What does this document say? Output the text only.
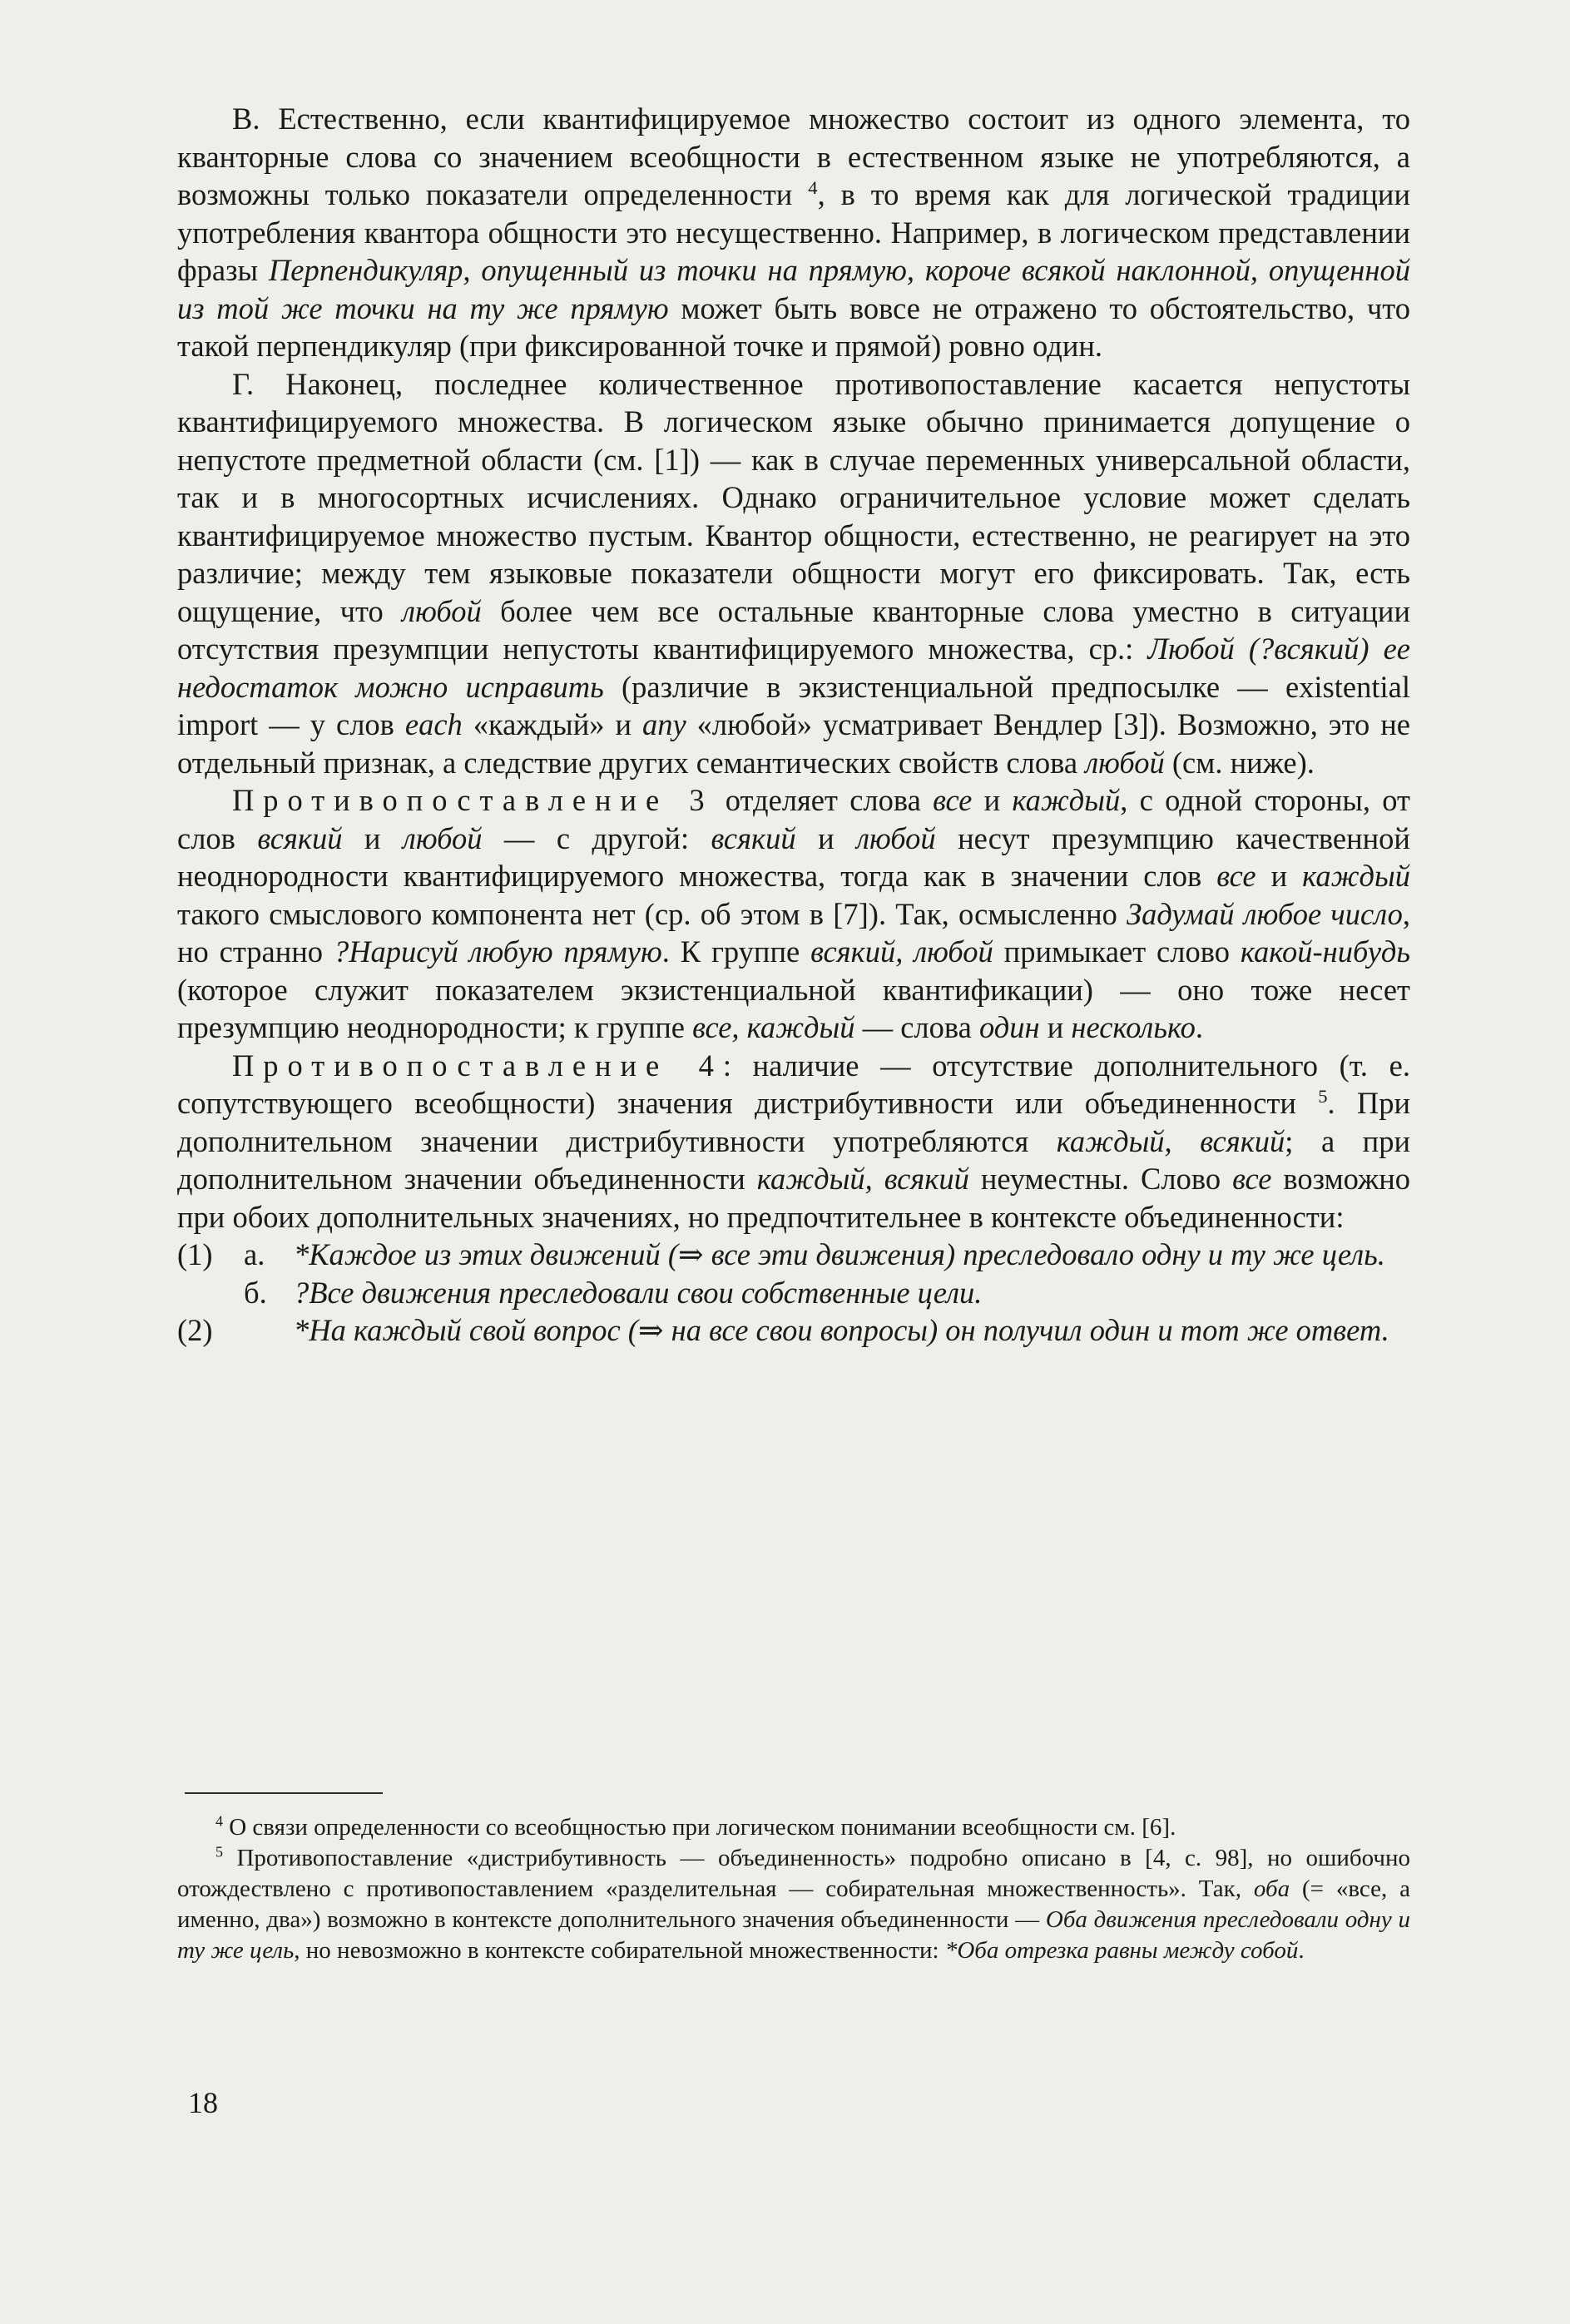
В. Естественно, если квантифицируемое множество состоит из одного элемента, то кванторные слова со значением всеобщности в естественном языке не употребляются, а возможны только показатели определенности $^4$, в то время как для логической традиции употребления квантора общности это несущественно. Например, в логическом представлении фразы Перпендикуляр, опущенный из точки на прямую, короче всякой наклонной, опущенной из той же точки на ту же прямую может быть вовсе не отражено то обстоятельство, что такой перпендикуляр (при фиксированной точке и прямой) ровно один.

Г. Наконец, последнее количественное противопоставление касается непустоты квантифицируемого множества. В логическом языке обычно принимается допущение о непустоте предметной области (см. [1]) — как в случае переменных универсальной области, так и в многосортных исчислениях. Однако ограничительное условие может сделать квантифицируемое множество пустым. Квантор общности, естественно, не реагирует на это различие; между тем языковые показатели общности могут его фиксировать. Так, есть ощущение, что любой более чем все остальные кванторные слова уместно в ситуации отсутствия презумпции непустоты квантифицируемого множества, ср.: Любой (?всякий) ее недостаток можно исправить (различие в экзистенциальной предпосылке — existential import — у слов each «каждый» и any «любой» усматривает Вендлер [3]). Возможно, это не отдельный признак, а следствие других семантических свойств слова любой (см. ниже).

Противопоставление 3 отделяет слова все и каждый, с одной стороны, от слов всякий и любой — с другой: всякий и любой несут презумпцию качественной неоднородности квантифицируемого множества, тогда как в значении слов все и каждый такого смыслового компонента нет (ср. об этом в [7]). Так, осмысленно Задумай любое число, но странно ?Нарисуй любую прямую. К группе всякий, любой примыкает слово какой-нибудь (которое служит показателем экзистенциальной квантификации) — оно тоже несет презумпцию неоднородности; к группе все, каждый — слова один и несколько.

Противопоставление 4: наличие — отсутствие дополнительного (т. е. сопутствующего всеобщности) значения дистрибутивности или объединенности $^5$. При дополнительном значении дистрибутивности употребляются каждый, всякий; а при дополнительном значении объединенности каждый, всякий неуместны. Слово все возможно при обоих дополнительных значениях, но предпочтительнее в контексте объединенности:

(1)	а. *Каждое из этих движений (⇒ все эти движения) преследовало одну и ту же цель.
б. ?Все движения преследовали свои собственные цели.
(2)	*На каждый свой вопрос (⇒ на все свои вопросы) он получил один и тот же ответ.

$^4$ О связи определенности со всеобщностью при логическом понимании всеобщности см. [6].

$^5$ Противопоставление «дистрибутивность — объединенность» подробно описано в [4, с. 98], но ошибочно отождествлено с противопоставлением «разделительная — собирательная множественность». Так, оба (= «все, а именно, два») возможно в контексте дополнительного значения объединенности — Оба движения преследовали одну и ту же цель, но невозможно в контексте собирательной множественности: *Оба отрезка равны между собой.

18
